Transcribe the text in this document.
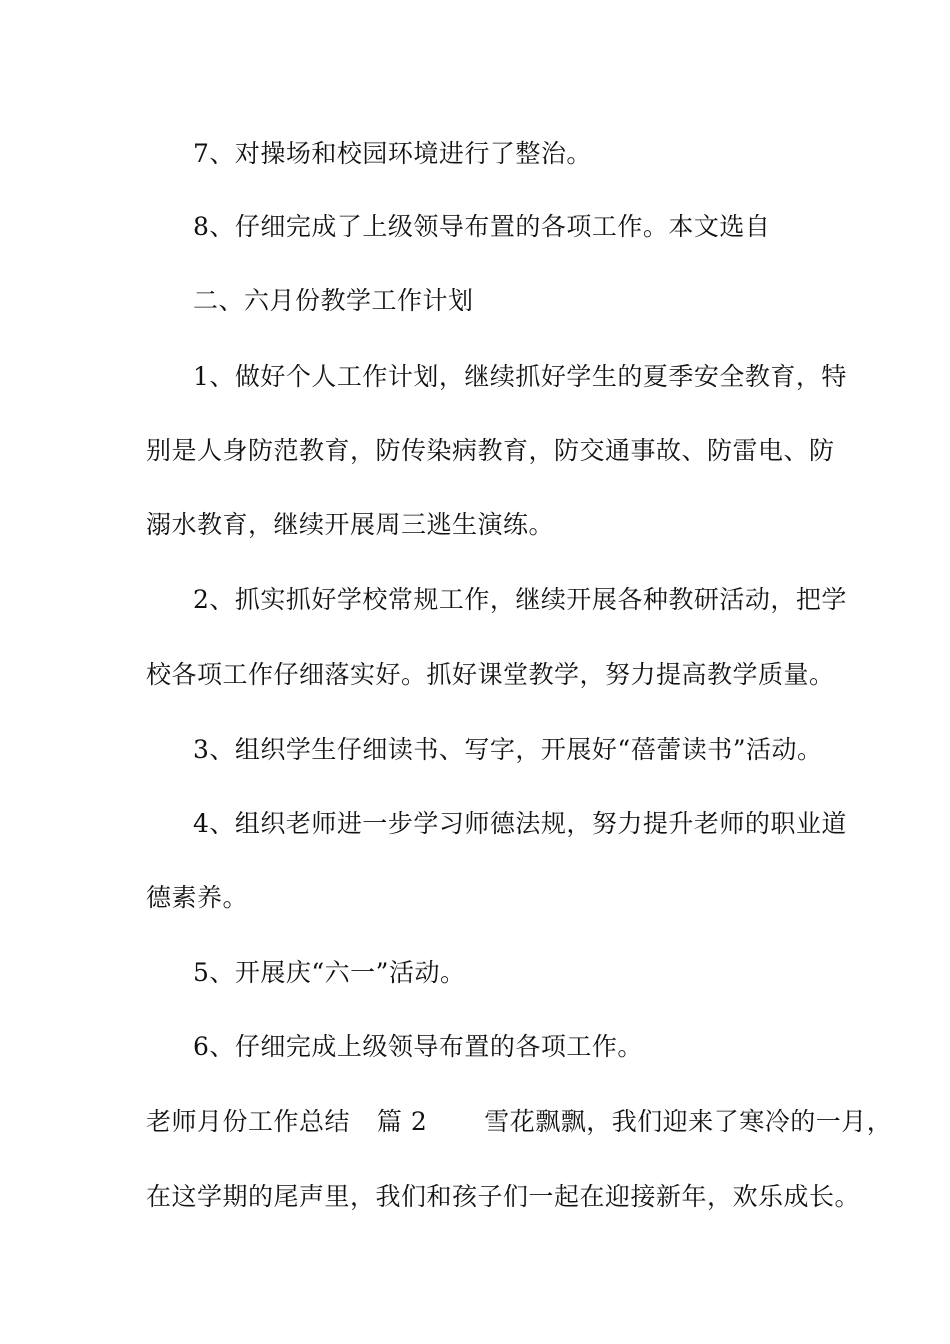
7、对操场和校园环境进行了整治。
8、仔细完成了上级领导布置的各项工作。本文选自
二、六月份教学工作计划
1、做好个人工作计划，继续抓好学生的夏季安全教育，特
别是人身防范教育，防传染病教育，防交通事故、防雷电、防
溺水教育，继续开展周三逃生演练。
2、抓实抓好学校常规工作，继续开展各种教研活动，把学
校各项工作仔细落实好。抓好课堂教学，努力提高教学质量。
3、组织学生仔细读书、写字，开展好“蓓蕾读书”活动。
4、组织老师进一步学习师德法规，努力提升老师的职业道
德素养。
5、开展庆“六一”活动。
6、仔细完成上级领导布置的各项工作。
老师月份工作总结 篇 2 雪花飘飘，我们迎来了寒冷的一月，
在这学期的尾声里，我们和孩子们一起在迎接新年，欢乐成长。
